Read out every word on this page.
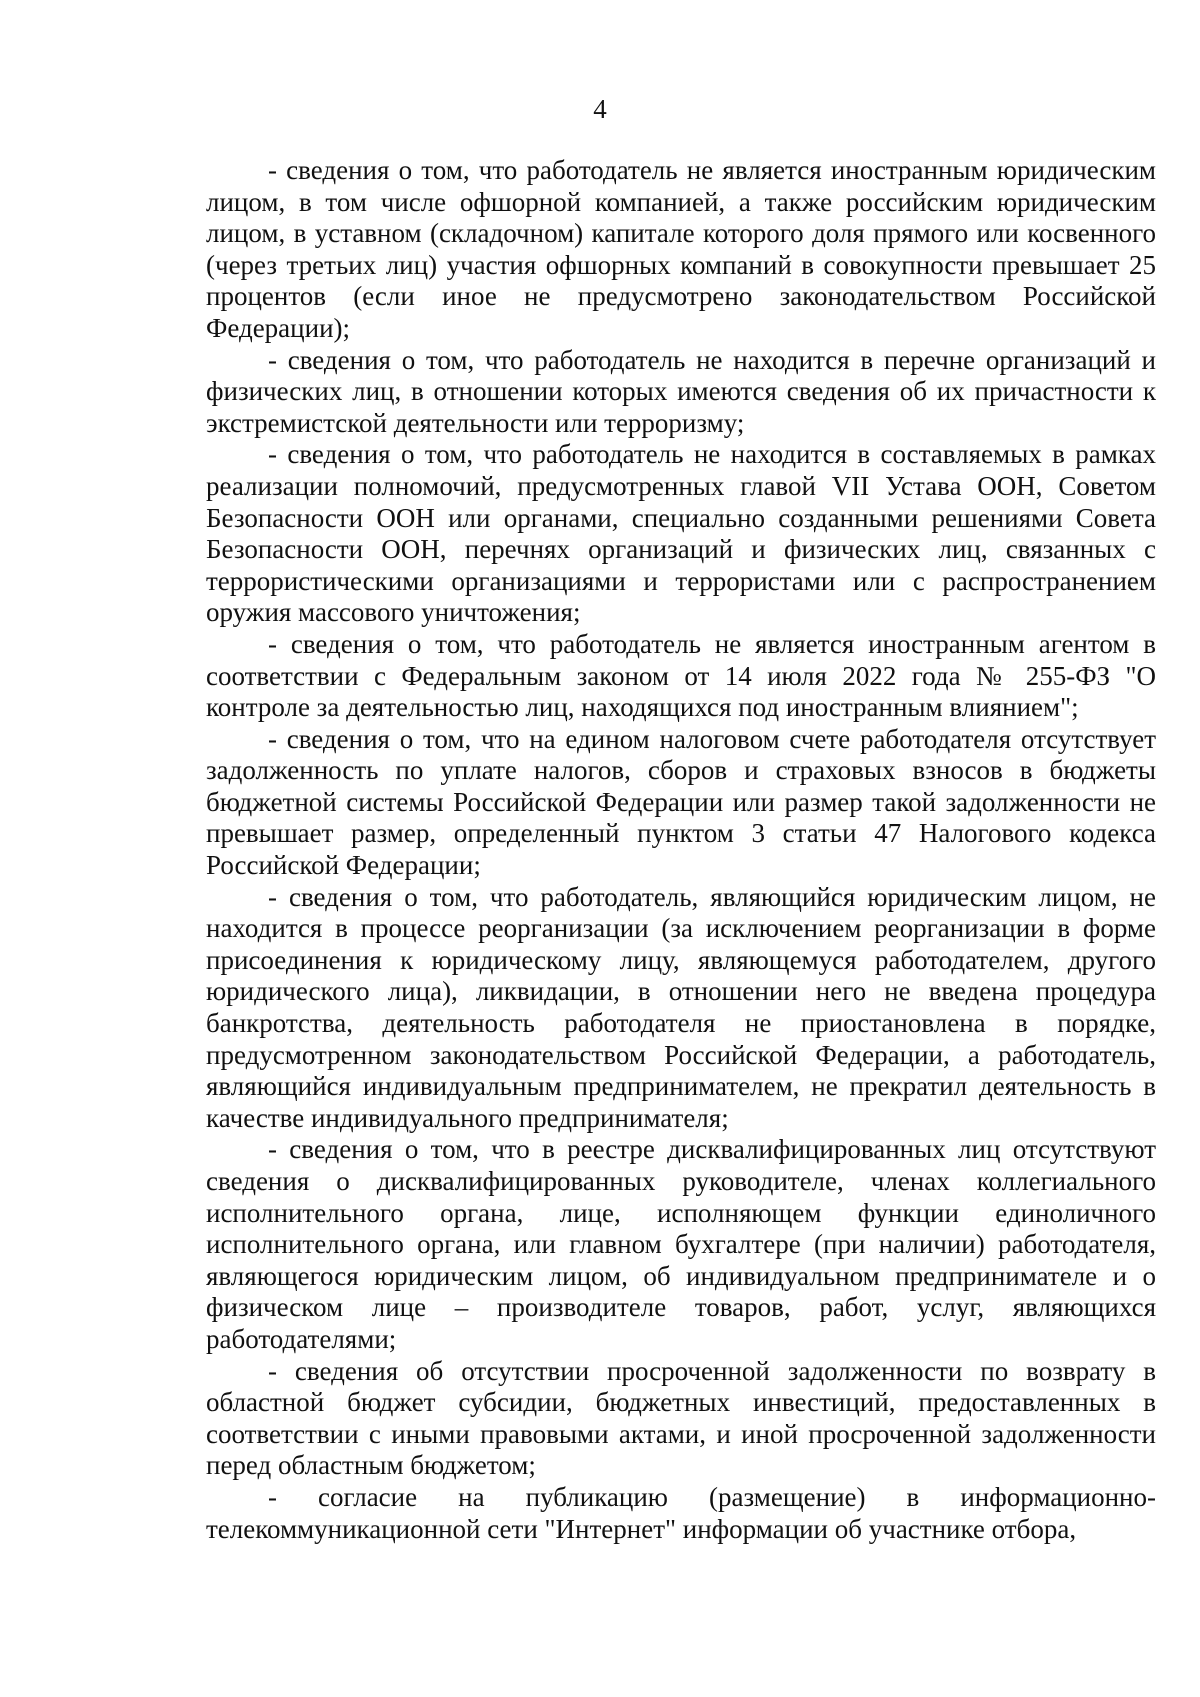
4

- сведения о том, что работодатель не является иностранным юридическим лицом, в том числе офшорной компанией, а также российским юридическим лицом, в уставном (складочном) капитале которого доля прямого или косвенного (через третьих лиц) участия офшорных компаний в совокупности превышает 25 процентов (если иное не предусмотрено законодательством Российской Федерации);

- сведения о том, что работодатель не находится в перечне организаций и физических лиц, в отношении которых имеются сведения об их причастности к экстремистской деятельности или терроризму;

- сведения о том, что работодатель не находится в составляемых в рамках реализации полномочий, предусмотренных главой VII Устава ООН, Советом Безопасности ООН или органами, специально созданными решениями Совета Безопасности ООН, перечнях организаций и физических лиц, связанных с террористическими организациями и террористами или с распространением оружия массового уничтожения;

- сведения о том, что работодатель не является иностранным агентом в соответствии с Федеральным законом от 14 июля 2022 года № 255-ФЗ "О контроле за деятельностью лиц, находящихся под иностранным влиянием";

- сведения о том, что на едином налоговом счете работодателя отсутствует задолженность по уплате налогов, сборов и страховых взносов в бюджеты бюджетной системы Российской Федерации или размер такой задолженности не превышает размер, определенный пунктом 3 статьи 47 Налогового кодекса Российской Федерации;

- сведения о том, что работодатель, являющийся юридическим лицом, не находится в процессе реорганизации (за исключением реорганизации в форме присоединения к юридическому лицу, являющемуся работодателем, другого юридического лица), ликвидации, в отношении него не введена процедура банкротства, деятельность работодателя не приостановлена в порядке, предусмотренном законодательством Российской Федерации, а работодатель, являющийся индивидуальным предпринимателем, не прекратил деятельность в качестве индивидуального предпринимателя;

- сведения о том, что в реестре дисквалифицированных лиц отсутствуют сведения о дисквалифицированных руководителе, членах коллегиального исполнительного органа, лице, исполняющем функции единоличного исполнительного органа, или главном бухгалтере (при наличии) работодателя, являющегося юридическим лицом, об индивидуальном предпринимателе и о физическом лице – производителе товаров, работ, услуг, являющихся работодателями;

- сведения об отсутствии просроченной задолженности по возврату в областной бюджет субсидии, бюджетных инвестиций, предоставленных в соответствии с иными правовыми актами, и иной просроченной задолженности перед областным бюджетом;

- согласие на публикацию (размещение) в информационно-телекоммуникационной сети "Интернет" информации об участнике отбора,
